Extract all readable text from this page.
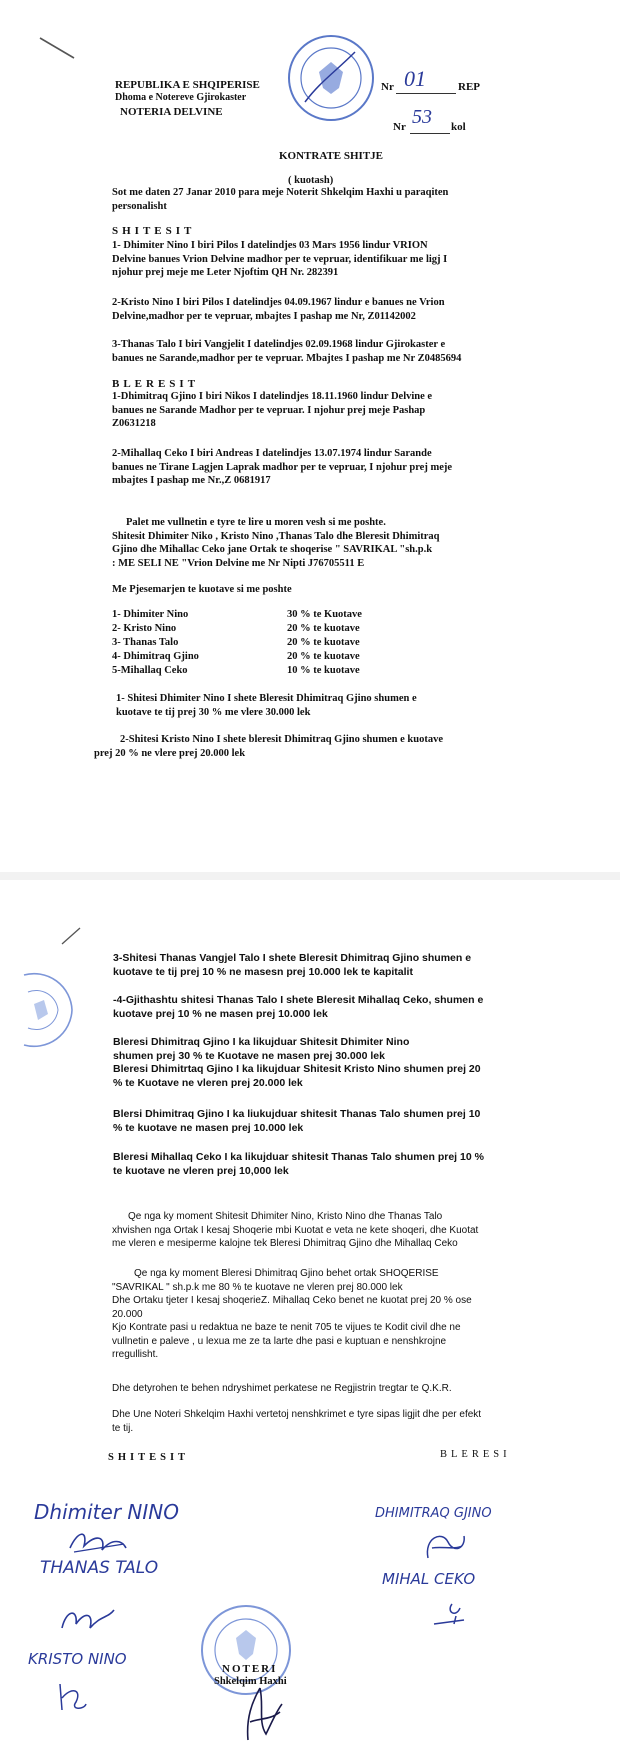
REPUBLIKA E SHQIPERISE
Dhoma e Noterеve Gjirokaster
NOTERIA DELVINE
Nr 01	REP
Nr 53 kol
KONTRATE SHITJE
( kuotash)
Sot me daten 27 Janar 2010 para meje Noterit Shkelqim Haxhi u paraqiten
personalisht
SHITESIT
1- Dhimiter Nino I biri Pilos I datelindjes 03 Mars 1956 lindur VRION
Delvine banues Vrion Delvine madhor per te vepruar, identifikuar me ligj I
njohur prej meje me Leter Njoftim QH Nr. 282391
2-Kristo Nino I biri Pilos I datelindjes 04.09.1967 lindur e banues ne Vrion
Delvine,madhor per te vepruar, mbajtes I pashap me Nr, Z01142002
3-Thanas Talo I biri Vangjelit I datelindjes 02.09.1968 lindur Gjirokaster e
banues ne Sarande,madhor per te vepruar. Mbajtes I pashap me Nr Z0485694
BLERESIT
1-Dhimitraq Gjino I biri Nikos I datelindjes 18.11.1960 lindur Delvine e
banues ne Sarande Madhor per te vepruar. I njohur prej meje Pashap
Z0631218
2-Mihallaq Ceko I biri Andreas I datelindjes 13.07.1974 lindur Sarande
banues ne Tirane Lagjen Laprak madhor per te vepruar, I njohur prej meje
mbajtes I pashap me Nr.,Z 0681917
Palet me vullnetin e tyre te lire u moren vesh si me poshte.
Shitesit Dhimiter Niko , Kristo Nino ,Thanas Talo dhe Bleresit Dhimitraq
Gjino dhe Mihallac Ceko jane Ortak te shoqerise " SAVRIKAL "sh.p.k
: ME SELI NE "Vrion Delvine me Nr Nipti J76705511 E
Me Pjesemarjen te kuotave si me poshte
1- Dhimiter Nino	30 % te Kuotave
2- Kristo Nino	20 % te kuotave
3- Thanas Talo	20 % te kuotave
4- Dhimitraq Gjino	20 % te kuotave
5-Mihallaq Ceko	10 % te kuotave
1- Shitesi Dhimiter Nino I shete Bleresit Dhimitraq Gjino shumen e
kuotave te tij prej 30 % me vlere 30.000 lek
2-Shitesi Kristo Nino I shete bleresit Dhimitraq Gjino shumen e kuotave
prej 20 % ne vlere prej 20.000 lek
3-Shitesi Thanas Vangjel Talo I shete Bleresit Dhimitraq Gjino shumen e
kuotave te tij prej 10 % ne masesn prej 10.000 lek te kapitalit
-4-Gjithashtu shitesi Thanas Talo I shete Bleresit Mihallaq Ceko, shumen e
kuotave prej 10 % ne masen prej 10.000 lek
Bleresi Dhimitraq Gjino I ka likujduar Shitesit Dhimiter Nino
shumen prej 30 % te Kuotave ne masen prej 30.000 lek
Bleresi Dhimitrtaq Gjino I ka likujduar Shitesit Kristo Nino shumen prej 20
% te Kuotave ne vleren prej 20.000 lek
Blersi Dhimitraq Gjino I ka liukujduar shitesit Thanas Talo shumen prej 10
% te kuotave ne masen prej 10.000 lek
Bleresi Mihallaq Ceko I ka likujduar shitesit Thanas Talo shumen prej 10 %
te kuotave ne vleren prej 10,000 lek
Qe nga ky moment Shitesit Dhimiter Nino, Kristo Nino dhe Thanas Talo
xhvishen nga Ortak I kesaj Shoqerie mbi Kuotat e veta ne kete shoqeri, dhe Kuotat
me vleren e mesiperme kalojne tek Bleresi Dhimitraq Gjino dhe Mihallaq Ceko
Qe nga ky moment Bleresi Dhimitraq Gjino behet ortak SHOQERISE
"SAVRIKAL " sh.p.k me 80 % te kuotave ne vleren prej 80.000 lek
Dhe Ortaku tjeter I kesaj shoqerieZ. Mihallaq Ceko benet ne kuotat prej 20 % ose
20.000
Kjo Kontrate pasi u redaktua ne baze te nenit 705 te vijues te Kodit civil dhe ne
vullnetin e paleve , u lexua me ze ta larte dhe pasi e kuptuan e nenshkrojne
rregullisht.
Dhe detyrohen te behen ndryshimet perkatese ne Regjistrin tregtar te Q.K.R.
Dhe Une Noteri Shkelqim Haxhi vertetoj nenshkrimet e tyre sipas ligjit dhe per efekt
te tij.
SHITESIT	BLERESI
Dhimiter NINO
THANAS TALO
KRISTO NINO
DHIMITRAQ GJINO
MIHAL CEKO
NOTERI
Shkelqim Haxhi
